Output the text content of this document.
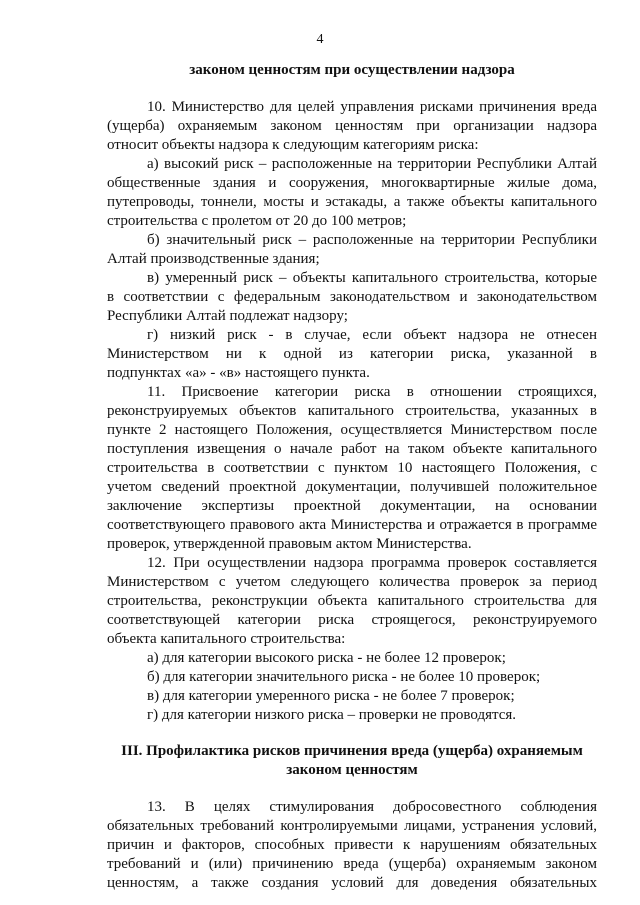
4
законом ценностям при осуществлении надзора
10. Министерство для целей управления рисками причинения вреда
(ущерба) охраняемым законом ценностям при организации надзора
относит объекты надзора к следующим категориям риска:
а) высокий риск – расположенные на территории Республики Алтай
общественные здания и сооружения, многоквартирные жилые дома,
путепроводы, тоннели, мосты и эстакады, а также объекты капитального
строительства с пролетом от 20 до 100 метров;
б) значительный риск – расположенные на территории Республики
Алтай производственные здания;
в) умеренный риск – объекты капитального строительства, которые
в соответствии с федеральным законодательством и законодательством
Республики Алтай подлежат надзору;
г) низкий риск - в случае, если объект надзора не отнесен
Министерством ни к одной из категории риска, указанной в
подпунктах «а» - «в» настоящего пункта.
11. Присвоение категории риска в отношении строящихся,
реконструируемых объектов капитального строительства, указанных в
пункте 2 настоящего Положения, осуществляется Министерством после
поступления извещения о начале работ на таком объекте капитального
строительства в соответствии с пунктом 10 настоящего Положения, с
учетом сведений проектной документации, получившей положительное
заключение экспертизы проектной документации, на основании
соответствующего правового акта Министерства и отражается в программе
проверок, утвержденной правовым актом Министерства.
12. При осуществлении надзора программа проверок составляется
Министерством с учетом следующего количества проверок за период
строительства, реконструкции объекта капитального строительства для
соответствующей категории риска строящегося, реконструируемого
объекта капитального строительства:
а) для категории высокого риска - не более 12 проверок;
б) для категории значительного риска - не более 10 проверок;
в) для категории умеренного риска - не более 7 проверок;
г) для категории низкого риска – проверки не проводятся.
III. Профилактика рисков причинения вреда (ущерба) охраняемым
законом ценностям
13. В целях стимулирования добросовестного соблюдения
обязательных требований контролируемыми лицами, устранения условий,
причин и факторов, способных привести к нарушениям обязательных
требований и (или) причинению вреда (ущерба) охраняемым законом
ценностям, а также создания условий для доведения обязательных
